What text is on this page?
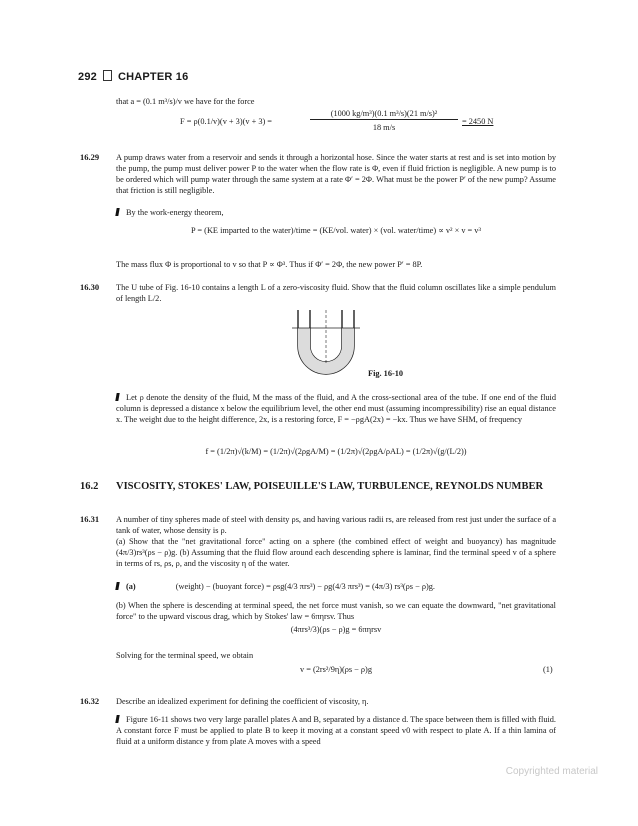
292 CHAPTER 16
that a = (0.1 m³/s)/v we have for the force
F = ρ(0.1/v)(v + 3)(v + 3) =
(1000 kg/m³)(0.1 m³/s)(21 m/s)²
18 m/s
= 2450 N
16.29 A pump draws water from a reservoir and sends it through a horizontal hose. Since the water starts at rest and is set into motion by the pump, the pump must deliver power P to the water when the flow rate is Φ, even if fluid friction is negligible. A new pump is to be ordered which will pump water through the same system at a rate Φ′ = 2Φ. What must be the power P′ of the new pump? Assume that friction is still negligible.
By the work-energy theorem,
P = (KE imparted to the water)/time = (KE/vol. water) × (vol. water/time) ∝ v² × v = v³
The mass flux Φ is proportional to v so that P ∝ Φ³. Thus if Φ′ = 2Φ, the new power P′ = 8P.
16.30 The U tube of Fig. 16-10 contains a length L of a zero-viscosity fluid. Show that the fluid column oscillates like a simple pendulum of length L/2.
Fig. 16-10
Let ρ denote the density of the fluid, M the mass of the fluid, and A the cross-sectional area of the tube. If one end of the fluid column is depressed a distance x below the equilibrium level, the other end must (assuming incompressibility) rise an equal distance x. The weight due to the height difference, 2x, is a restoring force, F = −ρgA(2x) = −kx. Thus we have SHM, of frequency
f = (1/2π)√(k/M) = (1/2π)√(2ρgA/M) = (1/2π)√(2ρgA/ρAL) = (1/2π)√(g/(L/2))
16.2 VISCOSITY, STOKES' LAW, POISEUILLE'S LAW, TURBULENCE, REYNOLDS NUMBER
16.31 A number of tiny spheres made of steel with density ρs, and having various radii rs, are released from rest just under the surface of a tank of water, whose density is ρ.
(a) Show that the "net gravitational force" acting on a sphere (the combined effect of weight and buoyancy) has magnitude (4π/3)rs³(ρs − ρ)g. (b) Assuming that the fluid flow around each descending sphere is laminar, find the terminal speed v of a sphere in terms of rs, ρs, ρ, and the viscosity η of the water.
(a)	(weight) − (buoyant force) = ρsg(4/3 πrs³) − ρg(4/3 πrs³) = (4π/3) rs³(ρs − ρ)g.
(b) When the sphere is descending at terminal speed, the net force must vanish, so we can equate the downward, "net gravitational force" to the upward viscous drag, which by Stokes' law = 6πηrsv. Thus
(4πrs³/3)(ρs − ρ)g = 6πηrsv
Solving for the terminal speed, we obtain
v = (2rs²/9η)(ρs − ρ)g	(1)
16.32 Describe an idealized experiment for defining the coefficient of viscosity, η.
Figure 16-11 shows two very large parallel plates A and B, separated by a distance d. The space between them is filled with fluid. A constant force F must be applied to plate B to keep it moving at a constant speed v0 with respect to plate A. If a thin lamina of fluid at a uniform distance y from plate A moves with a speed
Copyrighted material
